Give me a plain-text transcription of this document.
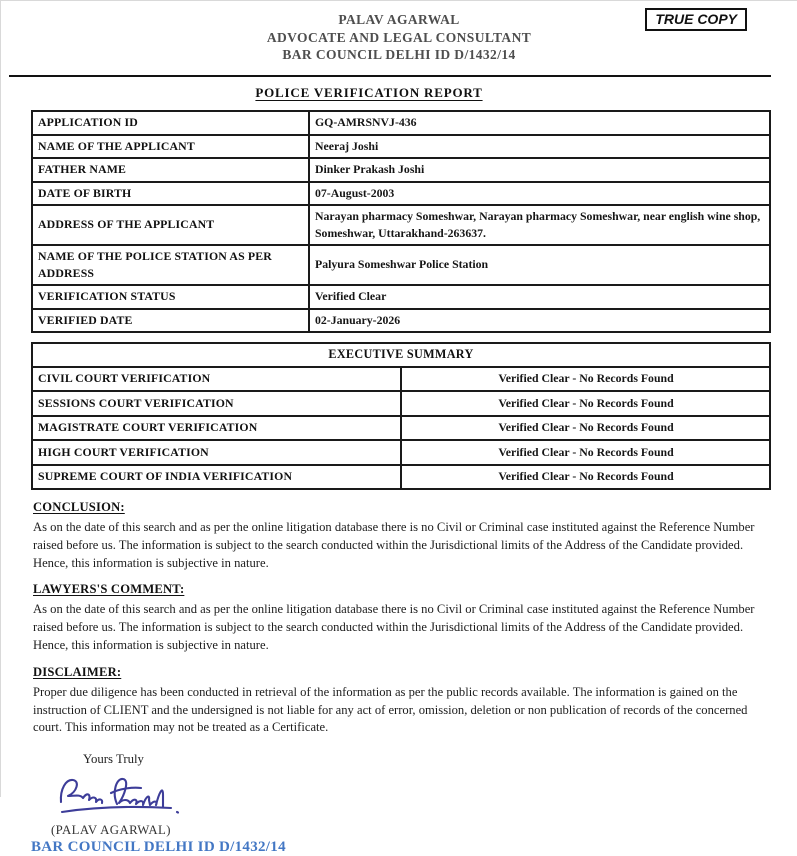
TRUE COPY
PALAV AGARWAL
ADVOCATE AND LEGAL CONSULTANT
BAR COUNCIL DELHI ID D/1432/14
POLICE VERIFICATION REPORT
APPLICATION ID	GQ-AMRSNVJ-436
NAME OF THE APPLICANT	Neeraj Joshi
FATHER NAME	Dinker Prakash Joshi
DATE OF BIRTH	07-August-2003
ADDRESS OF THE APPLICANT	Narayan pharmacy Someshwar, Narayan pharmacy Someshwar, near english wine shop, Someshwar, Uttarakhand-263637.
NAME OF THE POLICE STATION AS PER ADDRESS	Palyura Someshwar Police Station
VERIFICATION STATUS	Verified Clear
VERIFIED DATE	02-January-2026
EXECUTIVE SUMMARY	
CIVIL COURT VERIFICATION	Verified Clear - No Records Found
SESSIONS COURT VERIFICATION	Verified Clear - No Records Found
MAGISTRATE COURT VERIFICATION	Verified Clear - No Records Found
HIGH COURT VERIFICATION	Verified Clear - No Records Found
SUPREME COURT OF INDIA VERIFICATION	Verified Clear - No Records Found
CONCLUSION:

As on the date of this search and as per the online litigation database there is no Civil or Criminal case instituted against the Reference Number raised before us. The information is subject to the search conducted within the Jurisdictional limits of the Address of the Candidate provided. Hence, this information is subjective in nature.

LAWYERS'S COMMENT:

As on the date of this search and as per the online litigation database there is no Civil or Criminal case instituted against the Reference Number raised before us. The information is subject to the search conducted within the Jurisdictional limits of the Address of the Candidate provided. Hence, this information is subjective in nature.

DISCLAIMER:

Proper due diligence has been conducted in retrieval of the information as per the public records available. The information is gained on the instruction of CLIENT and the undersigned is not liable for any act of error, omission, deletion or non publication of records of the concerned court. This information may not be treated as a Certificate.

Yours Truly
(PALAV AGARWAL)
BAR COUNCIL DELHI ID D/1432/14
